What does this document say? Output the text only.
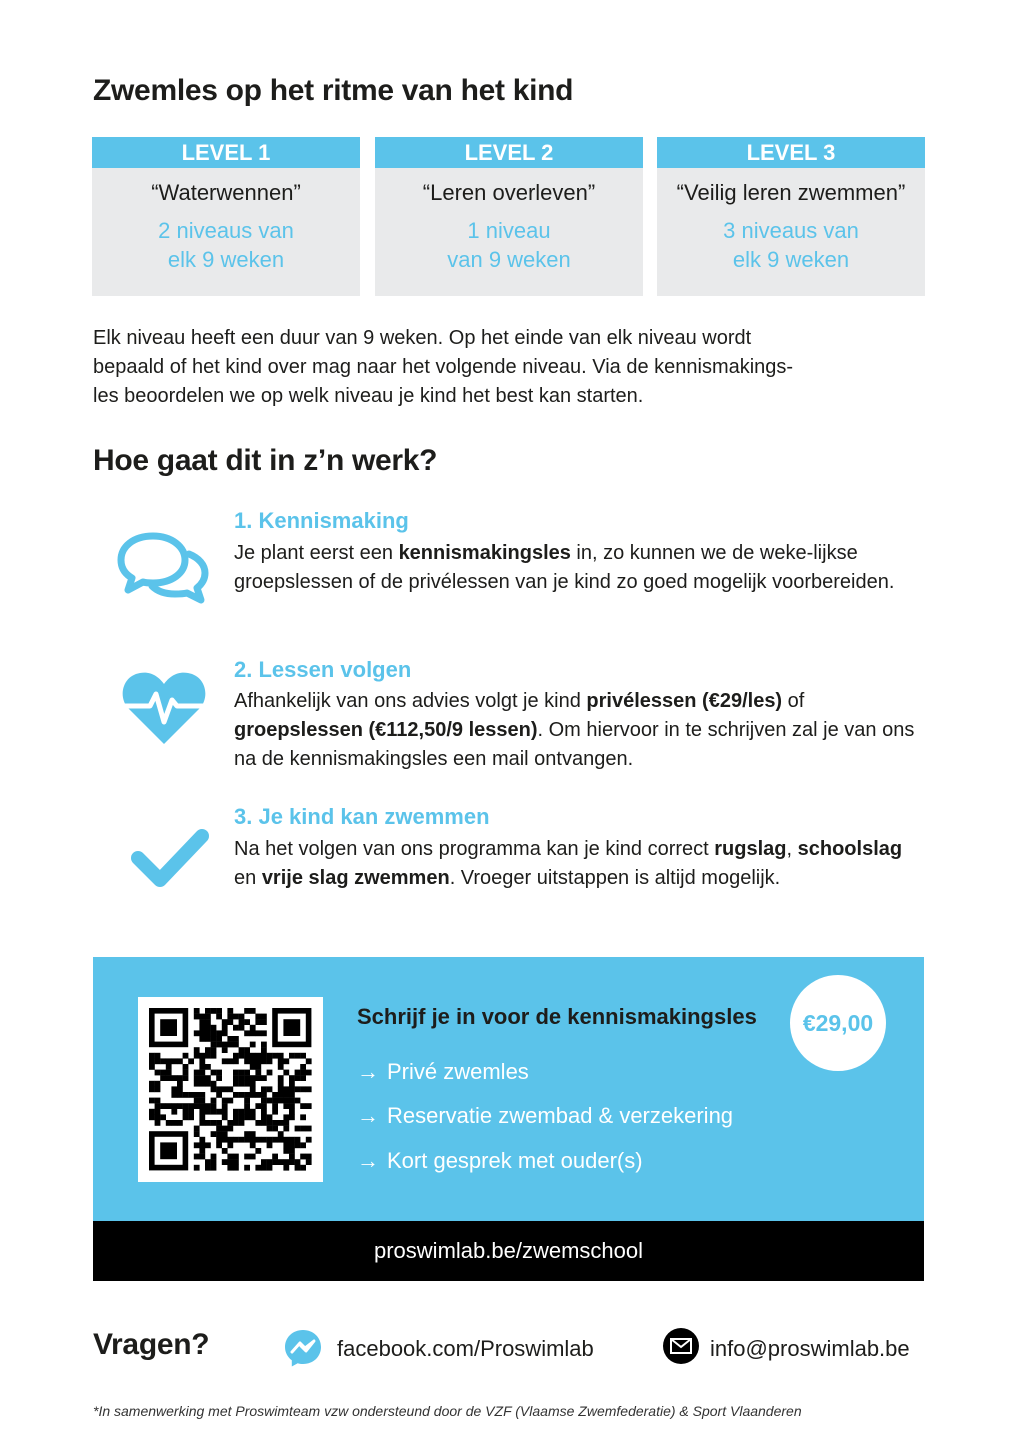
Zwemles op het ritme van het kind
LEVEL 1
“Waterwennen”
2 niveaus van
elk 9 weken
LEVEL 2
“Leren overleven”
1 niveau
van 9 weken
LEVEL 3
“Veilig leren zwemmen”
3 niveaus van
elk 9 weken
Elk niveau heeft een duur van 9 weken. Op het einde van elk niveau wordt
bepaald of het kind over mag naar het volgende niveau. Via de kennismakings-
les beoordelen we op welk niveau je kind het best kan starten.
Hoe gaat dit in z’n werk?
1. Kennismaking
Je plant eerst een kennismakingsles in, zo kunnen we de weke-lijkse groepslessen of de privélessen van je kind zo goed mogelijk voorbereiden.
2. Lessen volgen
Afhankelijk van ons advies volgt je kind privélessen (€29/les) of groepslessen (€112,50/9 lessen). Om hiervoor in te schrijven zal je van ons na de kennismakingsles een mail ontvangen.
3. Je kind kan zwemmen
Na het volgen van ons programma kan je kind correct rugslag, schoolslag en vrije slag zwemmen. Vroeger uitstappen is altijd mogelijk.
Schrijf je in voor de kennismakingsles	€29,00
→ Privé zwemles
→ Reservatie zwembad & verzekering
→ Kort gesprek met ouder(s)
proswimlab.be/zwemschool
Vragen?	facebook.com/Proswimlab	info@proswimlab.be
*In samenwerking met Proswimteam vzw ondersteund door de VZF (Vlaamse Zwemfederatie) & Sport Vlaanderen
